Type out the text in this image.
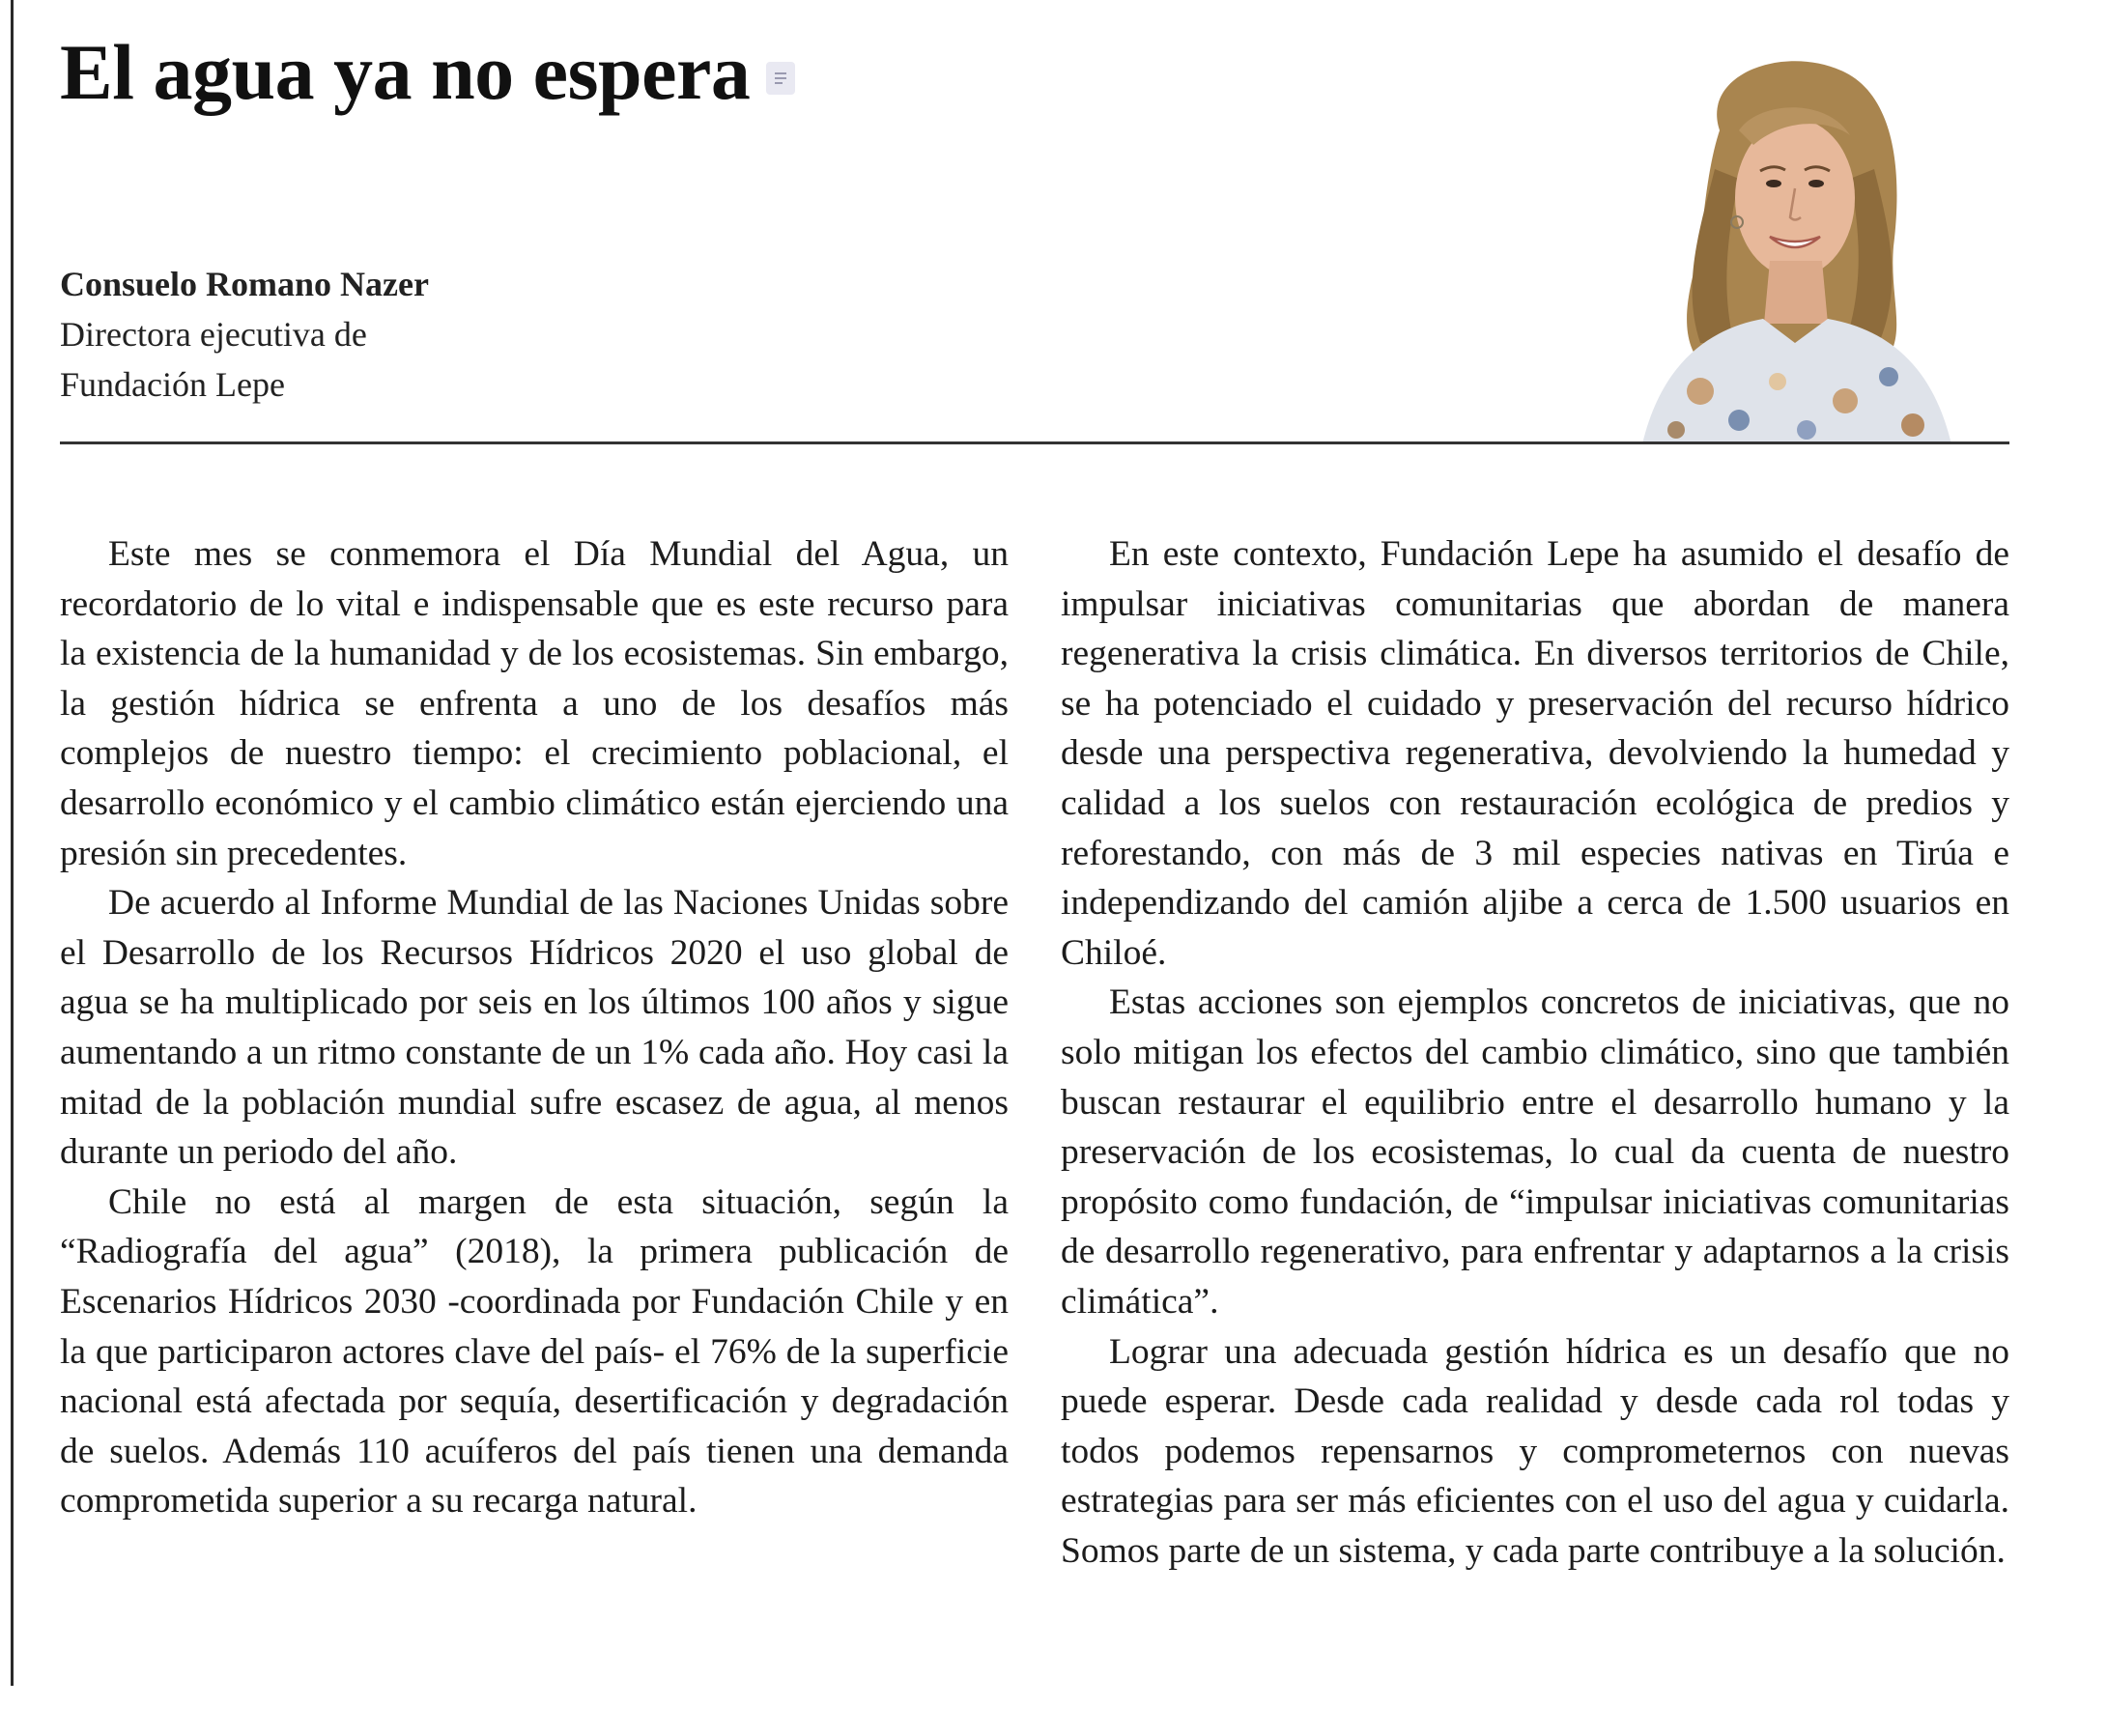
El agua ya no espera
Consuelo Romano Nazer
Directora ejecutiva de Fundación Lepe

Este mes se conmemora el Día Mundial del Agua, un recordatorio de lo vital e indispensable que es este recurso para la existencia de la humanidad y de los ecosistemas. Sin embargo, la gestión hídrica se enfrenta a uno de los desafíos más complejos de nuestro tiempo: el crecimiento poblacional, el desarrollo económico y el cambio climático están ejerciendo una presión sin precedentes.

De acuerdo al Informe Mundial de las Naciones Unidas sobre el Desarrollo de los Recursos Hídricos 2020 el uso global de agua se ha multiplicado por seis en los últimos 100 años y sigue aumentando a un ritmo constante de un 1% cada año. Hoy casi la mitad de la población mundial sufre escasez de agua, al menos durante un periodo del año.

Chile no está al margen de esta situación, según la “Radiografía del agua” (2018), la primera publicación de Escenarios Hídricos 2030 -coordinada por Fundación Chile y en la que participaron actores clave del país- el 76% de la superficie nacional está afectada por sequía, desertificación y degradación de suelos. Además 110 acuíferos del país tienen una demanda comprometida superior a su recarga natural.

En este contexto, Fundación Lepe ha asumido el desafío de impulsar iniciativas comunitarias que abordan de manera regenerativa la crisis climática. En diversos territorios de Chile, se ha potenciado el cuidado y preservación del recurso hídrico desde una perspectiva regenerativa, devolviendo la humedad y calidad a los suelos con restauración ecológica de predios y reforestando, con más de 3 mil especies nativas en Tirúa e independizando del camión aljibe a cerca de 1.500 usuarios en Chiloé.

Estas acciones son ejemplos concretos de iniciativas, que no solo mitigan los efectos del cambio climático, sino que también buscan restaurar el equilibrio entre el desarrollo humano y la preservación de los ecosistemas, lo cual da cuenta de nuestro propósito como fundación, de “impulsar iniciativas comunitarias de desarrollo regenerativo, para enfrentar y adaptarnos a la crisis climática”.

Lograr una adecuada gestión hídrica es un desafío que no puede esperar. Desde cada realidad y desde cada rol todas y todos podemos repensarnos y comprometernos con nuevas estrategias para ser más eficientes con el uso del agua y cuidarla. Somos parte de un sistema, y cada parte contribuye a la solución.
